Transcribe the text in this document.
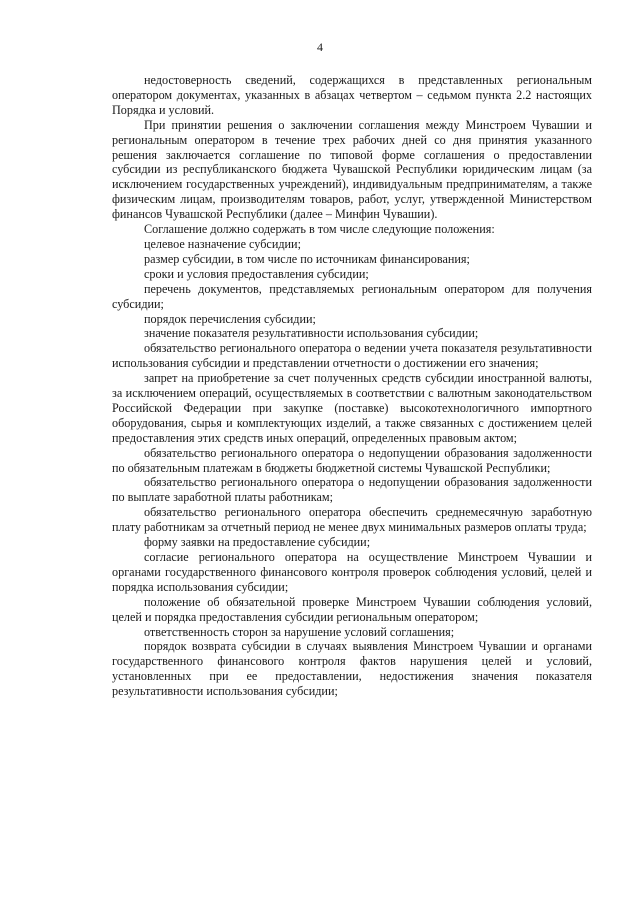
4

недостоверность сведений, содержащихся в представленных региональным оператором документах, указанных в абзацах четвертом – седьмом пункта 2.2 настоящих Порядка и условий.

При принятии решения о заключении соглашения между Минстроем Чувашии и региональным оператором в течение трех рабочих дней со дня принятия указанного решения заключается соглашение по типовой форме соглашения о предоставлении субсидии из республиканского бюджета Чувашской Республики юридическим лицам (за исключением государственных учреждений), индивидуальным предпринимателям, а также физическим лицам, производителям товаров, работ, услуг, утвержденной Министерством финансов Чувашской Республики (далее – Минфин Чувашии).

Соглашение должно содержать в том числе следующие положения:

целевое назначение субсидии;

размер субсидии, в том числе по источникам финансирования;

сроки и условия предоставления субсидии;

перечень документов, представляемых региональным оператором для получения субсидии;

порядок перечисления субсидии;

значение показателя результативности использования субсидии;

обязательство регионального оператора о ведении учета показателя результативности использования субсидии и представлении отчетности о достижении его значения;

запрет на приобретение за счет полученных средств субсидии иностранной валюты, за исключением операций, осуществляемых в соответствии с валютным законодательством Российской Федерации при закупке (поставке) высокотехнологичного импортного оборудования, сырья и комплектующих изделий, а также связанных с достижением целей предоставления этих средств иных операций, определенных правовым актом;

обязательство регионального оператора о недопущении образования задолженности по обязательным платежам в бюджеты бюджетной системы Чувашской Республики;

обязательство регионального оператора о недопущении образования задолженности по выплате заработной платы работникам;

обязательство регионального оператора обеспечить среднемесячную заработную плату работникам за отчетный период не менее двух минимальных размеров оплаты труда;

форму заявки на предоставление субсидии;

согласие регионального оператора на осуществление Минстроем Чувашии и органами государственного финансового контроля проверок соблюдения условий, целей и порядка использования субсидии;

положение об обязательной проверке Минстроем Чувашии соблюдения условий, целей и порядка предоставления субсидии региональным оператором;

ответственность сторон за нарушение условий соглашения;

порядок возврата субсидии в случаях выявления Минстроем Чувашии и органами государственного финансового контроля фактов нарушения целей и условий, установленных при ее предоставлении, недостижения значения показателя результативности использования субсидии;
